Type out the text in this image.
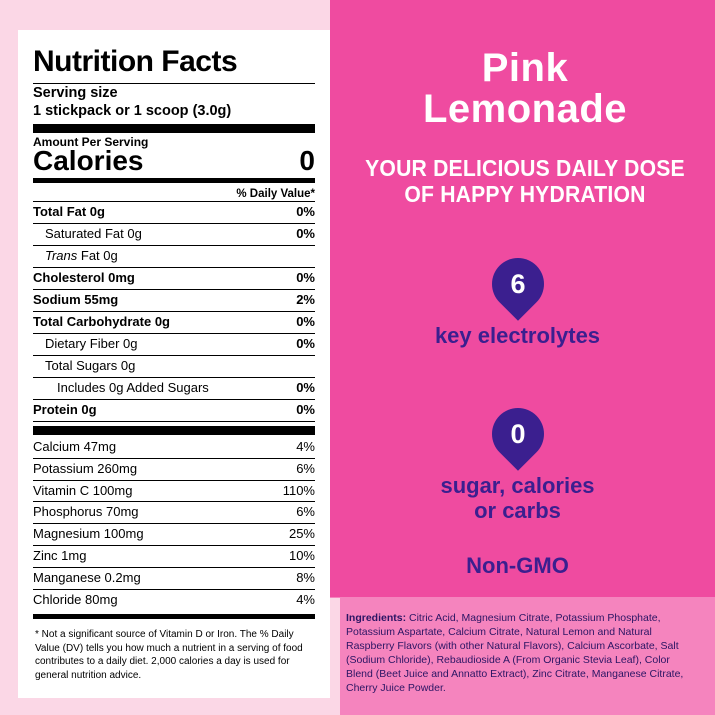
Nutrition Facts
Serving size
1 stickpack or 1 scoop (3.0g)
Amount Per Serving
Calories	0
% Daily Value*
Total Fat 0g	0%
Saturated Fat 0g	0%
Trans Fat 0g
Cholesterol 0mg	0%
Sodium 55mg	2%
Total Carbohydrate 0g	0%
Dietary Fiber 0g	0%
Total Sugars 0g
Includes 0g Added Sugars	0%
Protein 0g	0%
Calcium 47mg	4%
Potassium 260mg	6%
Vitamin C 100mg	110%
Phosphorus 70mg	6%
Magnesium 100mg	25%
Zinc 1mg	10%
Manganese 0.2mg	8%
Chloride 80mg	4%
* Not a significant source of Vitamin D or Iron. The % Daily Value (DV) tells you how much a nutrient in a serving of food contributes to a daily diet. 2,000 calories a day is used for general nutrition advice.
Pink
Lemonade
YOUR DELICIOUS DAILY DOSE
OF HAPPY HYDRATION
6
key electrolytes
0
sugar, calories
or carbs
Non-GMO
Ingredients: Citric Acid, Magnesium Citrate, Potassium Phosphate, Potassium Aspartate, Calcium Citrate, Natural Lemon and Natural Raspberry Flavors (with other Natural Flavors), Calcium Ascorbate, Salt (Sodium Chloride), Rebaudioside A (From Organic Stevia Leaf), Color Blend (Beet Juice and Annatto Extract), Zinc Citrate, Manganese Citrate, Cherry Juice Powder.
